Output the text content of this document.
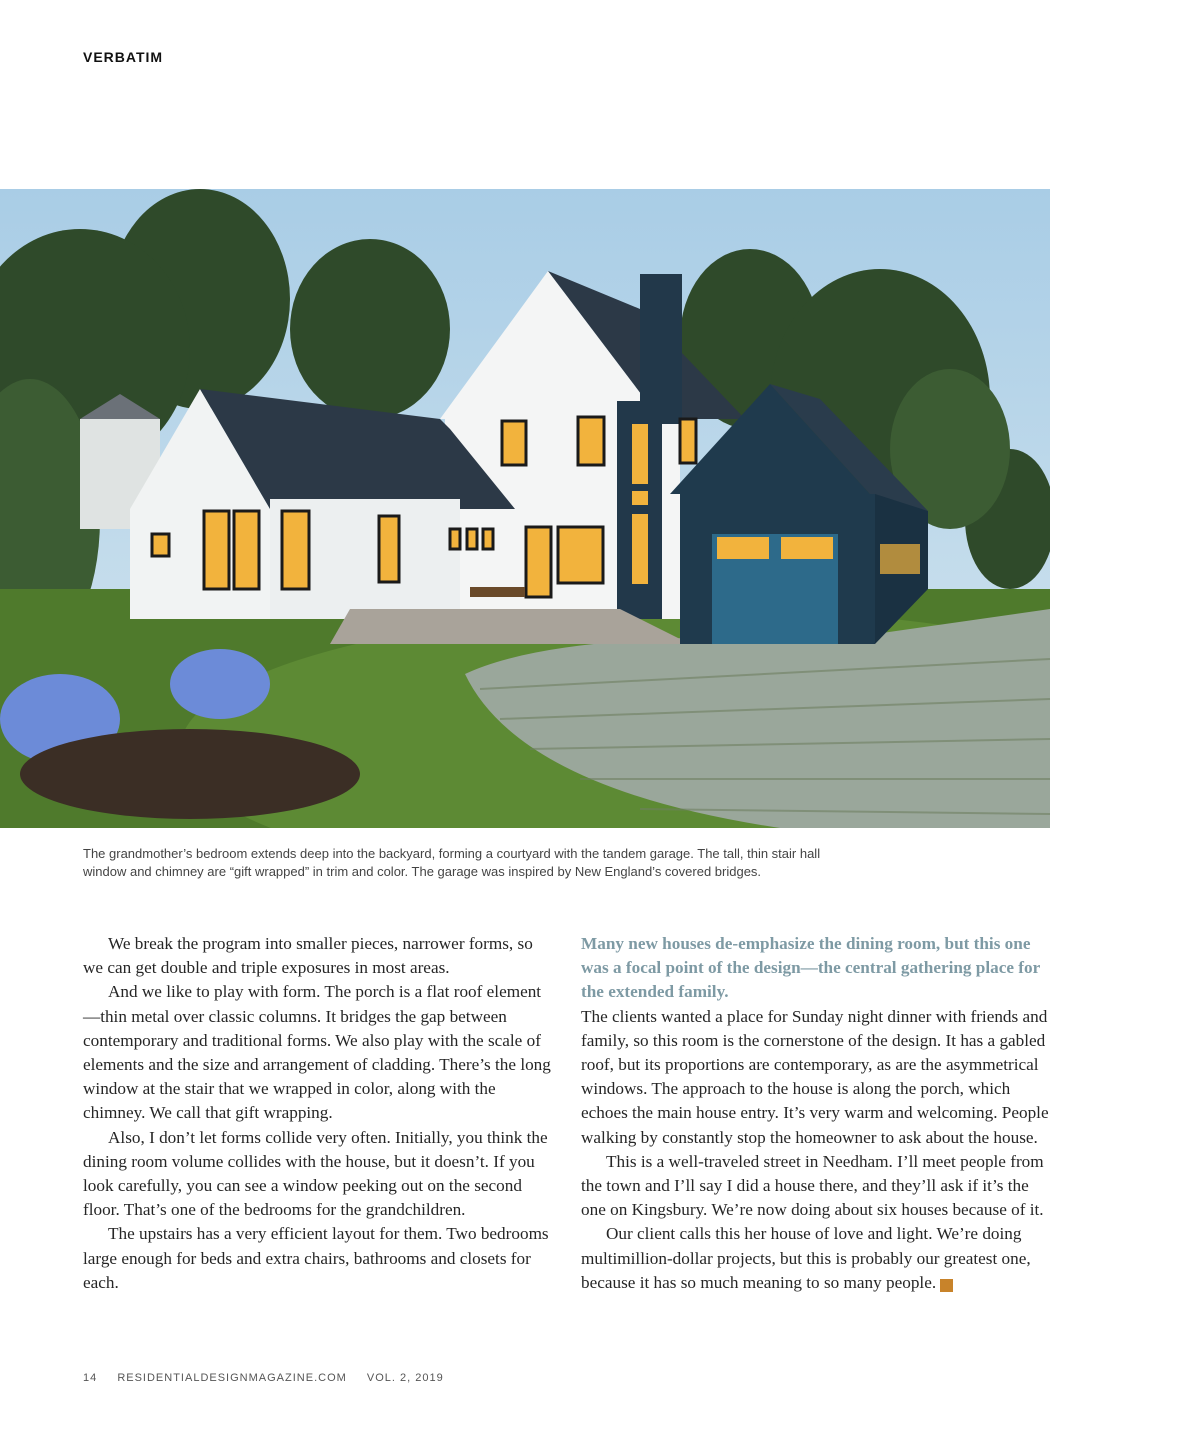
VERBATIM

The grandmother’s bedroom extends deep into the backyard, forming a courtyard with the tandem garage. The tall, thin stair hall

window and chimney are “gift wrapped” in trim and color. The garage was inspired by New England’s covered bridges.

We break the program into smaller pieces, narrower forms, so we can get double and triple exposures in most areas.

And we like to play with form. The porch is a flat roof element—thin metal over classic columns. It bridges the gap between contemporary and traditional forms. We also play with the scale of elements and the size and arrangement of cladding. There’s the long window at the stair that we wrapped in color, along with the chimney. We call that gift wrapping.

Also, I don’t let forms collide very often. Initially, you think the dining room volume collides with the house, but it doesn’t. If you look carefully, you can see a window peeking out on the second floor. That’s one of the bedrooms for the grandchildren.

The upstairs has a very efficient layout for them. Two bedrooms large enough for beds and extra chairs, bathrooms and closets for each.

Many new houses de-emphasize the dining room, but this one was a focal point of the design—the central gathering place for the extended family.

The clients wanted a place for Sunday night dinner with friends and family, so this room is the cornerstone of the design. It has a gabled roof, but its proportions are contemporary, as are the asymmetrical windows. The approach to the house is along the porch, which echoes the main house entry. It’s very warm and welcoming. People walking by constantly stop the homeowner to ask about the house.

This is a well-traveled street in Needham. I’ll meet people from the town and I’ll say I did a house there, and they’ll ask if it’s the one on Kingsbury. We’re now doing about six houses because of it.

Our client calls this her house of love and light. We’re doing multimillion-dollar projects, but this is probably our greatest one, because it has so much meaning to so many people.	RD

14 RESIDENTIALDESIGNMAGAZINE.COM VOL. 2, 2019
